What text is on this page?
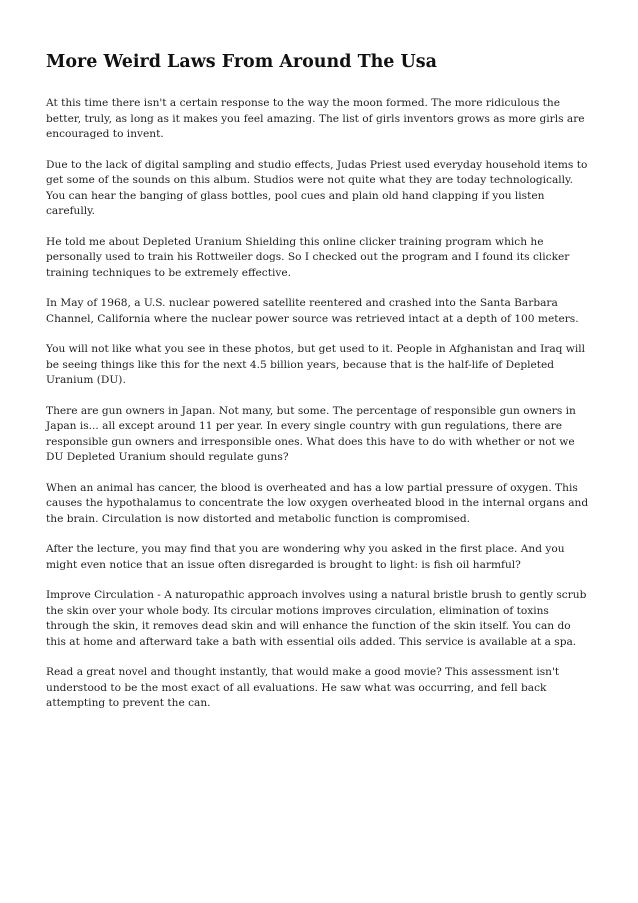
More Weird Laws From Around The Usa

At this time there isn't a certain response to the way the moon formed. The more ridiculous the better, truly, as long as it makes you feel amazing. The list of girls inventors grows as more girls are encouraged to invent.

Due to the lack of digital sampling and studio effects, Judas Priest used everyday household items to get some of the sounds on this album. Studios were not quite what they are today technologically. You can hear the banging of glass bottles, pool cues and plain old hand clapping if you listen carefully.

He told me about Depleted Uranium Shielding this online clicker training program which he personally used to train his Rottweiler dogs. So I checked out the program and I found its clicker training techniques to be extremely effective.

In May of 1968, a U.S. nuclear powered satellite reentered and crashed into the Santa Barbara Channel, California where the nuclear power source was retrieved intact at a depth of 100 meters.

You will not like what you see in these photos, but get used to it. People in Afghanistan and Iraq will be seeing things like this for the next 4.5 billion years, because that is the half-life of Depleted Uranium (DU).

There are gun owners in Japan. Not many, but some. The percentage of responsible gun owners in Japan is... all except around 11 per year. In every single country with gun regulations, there are responsible gun owners and irresponsible ones. What does this have to do with whether or not we DU Depleted Uranium should regulate guns?

When an animal has cancer, the blood is overheated and has a low partial pressure of oxygen. This causes the hypothalamus to concentrate the low oxygen overheated blood in the internal organs and the brain. Circulation is now distorted and metabolic function is compromised.

After the lecture, you may find that you are wondering why you asked in the first place. And you might even notice that an issue often disregarded is brought to light: is fish oil harmful?

Improve Circulation - A naturopathic approach involves using a natural bristle brush to gently scrub the skin over your whole body. Its circular motions improves circulation, elimination of toxins through the skin, it removes dead skin and will enhance the function of the skin itself. You can do this at home and afterward take a bath with essential oils added. This service is available at a spa.

Read a great novel and thought instantly, that would make a good movie? This assessment isn't understood to be the most exact of all evaluations. He saw what was occurring, and fell back attempting to prevent the can.
